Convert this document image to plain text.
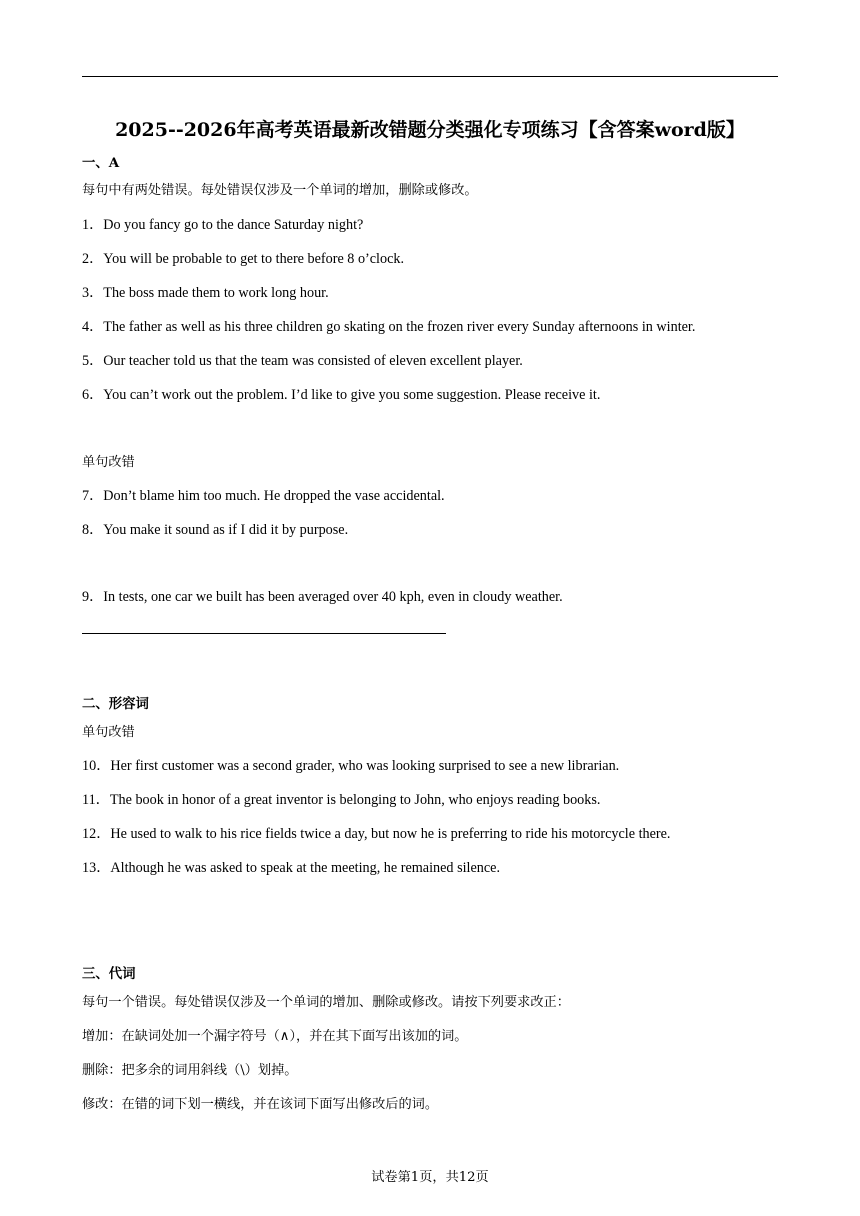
2025--2026年高考英语最新改错题分类强化专项练习【含答案word版】
一、A
每句中有两处错误。每处错误仅涉及一个单词的增加，删除或修改。
1．Do you fancy go to the dance Saturday night?
2．You will be probable to get to there before 8 o’clock.
3．The boss made them to work long hour.
4．The father as well as his three children go skating on the frozen river every Sunday afternoons in winter.
5．Our teacher told us that the team was consisted of eleven excellent player.
6．You can’t work out the problem. I’d like to give you some suggestion. Please receive it.
单句改错
7．Don’t blame him too much. He dropped the vase accidental.
8．You make it sound as if I did it by purpose.
9．In tests, one car we built has been averaged over 40 kph, even in cloudy weather.
二、形容词
单句改错
10．Her first customer was a second grader, who was looking surprised to see a new librarian.
11．The book in honor of a great inventor is belonging to John, who enjoys reading books.
12．He used to walk to his rice fields twice a day, but now he is preferring to ride his motorcycle there.
13．Although he was asked to speak at the meeting, he remained silence.
三、代词
每句一个错误。每处错误仅涉及一个单词的增加、删除或修改。请按下列要求改正：
增加：在缺词处加一个漏字符号（∧），并在其下面写出该加的词。
删除：把多余的词用斜线（\）划掉。
修改：在错的词下划一横线，并在该词下面写出修改后的词。
试卷第1页，共12页
